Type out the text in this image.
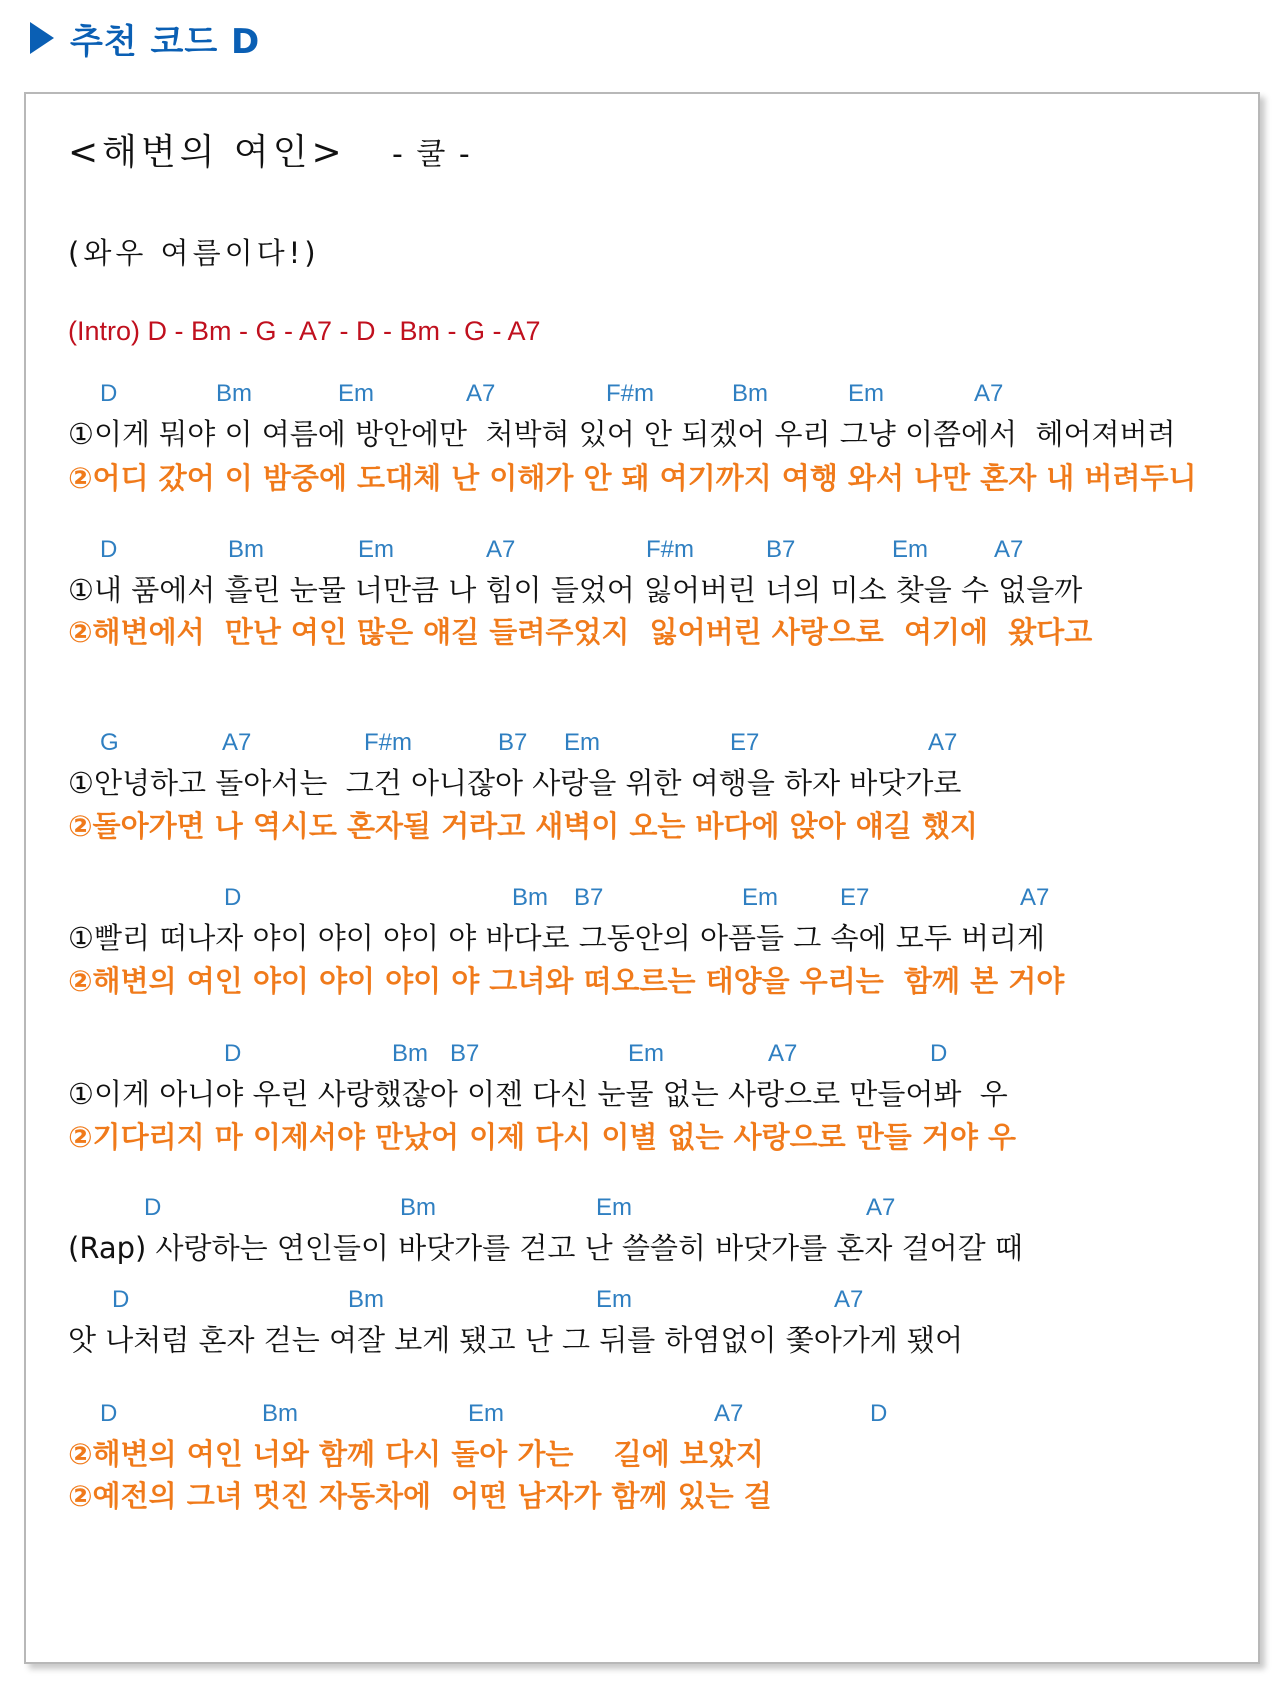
추천 코드 D
<해변의 여인> - 쿨 -
(와우 여름이다!)
(Intro) D - Bm - G - A7 - D - Bm - G - A7
D	Bm	Em	A7	F#m	Bm	Em	A7
①이게 뭐야 이 여름에 방안에만  처박혀 있어 안 되겠어 우리 그냥 이쯤에서  헤어져버려
②어디 갔어 이 밤중에 도대체 난 이해가 안 돼 여기까지 여행 와서 나만 혼자 내 버려두니
D	Bm	Em	A7	F#m	B7	Em	A7
①내 품에서 흘린 눈물 너만큼 나 힘이 들었어 잃어버린 너의 미소 찾을 수 없을까
②해변에서  만난 여인 많은 얘길 들려주었지  잃어버린 사랑으로  여기에  왔다고
G	A7	F#m	B7 Em	E7	A7
①안녕하고 돌아서는  그건 아니잖아 사랑을 위한 여행을 하자 바닷가로
②돌아가면 나 역시도 혼자될 거라고 새벽이 오는 바다에 앉아 얘길 했지
D	Bm B7	Em	E7	A7
①빨리 떠나자 야이 야이 야이 야 바다로 그동안의 아픔들 그 속에 모두 버리게
②해변의 여인 야이 야이 야이 야 그녀와 떠오르는 태양을 우리는  함께 본 거야
D	Bm B7	Em	A7	D
①이게 아니야 우린 사랑했잖아 이젠 다신 눈물 없는 사랑으로 만들어봐  우
②기다리지 마 이제서야 만났어 이제 다시 이별 없는 사랑으로 만들 거야 우
D	Bm	Em	A7
(Rap) 사랑하는 연인들이 바닷가를 걷고 난 쓸쓸히 바닷가를 혼자 걸어갈 때
D	Bm	Em	A7
앗 나처럼 혼자 걷는 여잘 보게 됐고 난 그 뒤를 하염없이 쫓아가게 됐어
D	Bm	Em	A7	D
②해변의 여인 너와 함께 다시 돌아 가는    길에 보았지
②예전의 그녀 멋진 자동차에  어떤 남자가 함께 있는 걸
